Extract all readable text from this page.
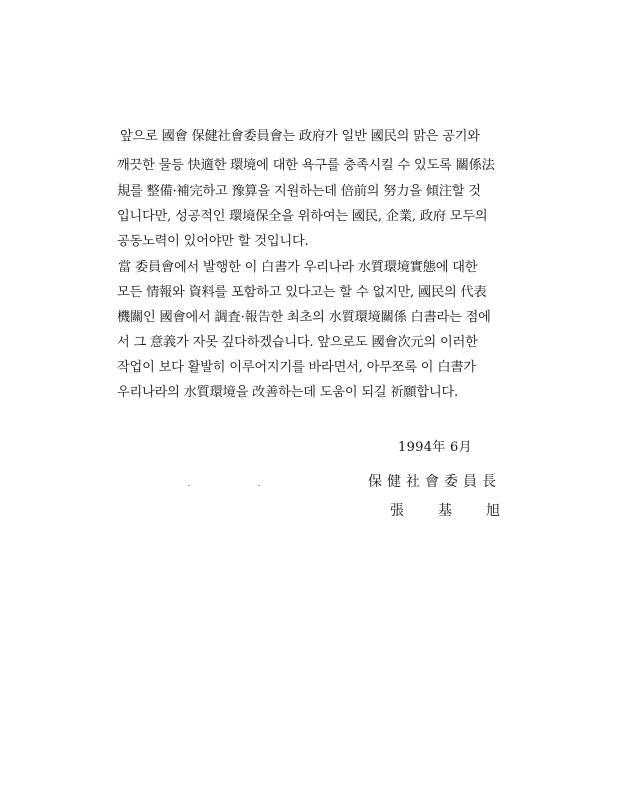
앞으로 國會 保健社會委員會는 政府가 일반 國民의 맑은 공기와
깨끗한 물등 快適한 環境에 대한 욕구를 충족시킬 수 있도록 關係法
規를 整備·補完하고 豫算을 지원하는데 倍前의 努力을 傾注할 것
입니다만, 성공적인 環境保全을 위하여는 國民, 企業, 政府 모두의
공동노력이 있어야만 할 것입니다.
當 委員會에서 발행한 이 白書가 우리나라 水質環境實態에 대한
모든 情報와 資料를 포함하고 있다고는 할 수 없지만, 國民의 代表
機關인 國會에서 調査·報告한 최초의 水質環境關係 白書라는 점에
서 그 意義가 자못 깊다하겠습니다. 앞으로도 國會次元의 이러한
작업이 보다 활발히 이루어지기를 바라면서, 아무쪼록 이 白書가
우리나라의 水質環境을 改善하는데 도움이 되길 祈願합니다.
1994年 6月
保健社會委員長
張基旭
